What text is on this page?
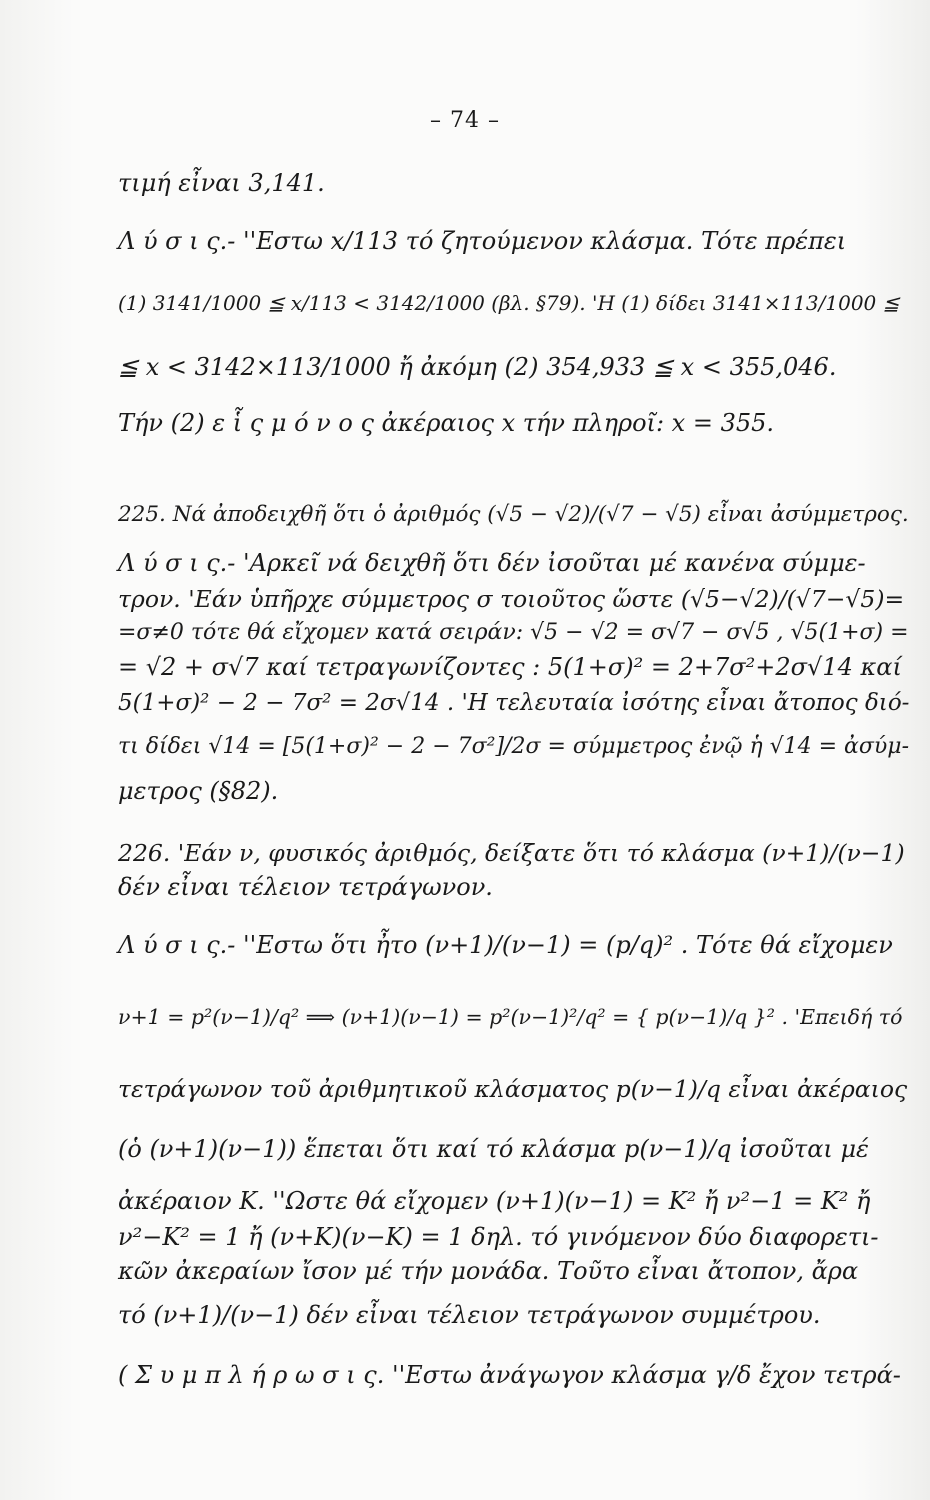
– 74 –
τιμή εἶναι 3,141.
Λ ύ σ ι ς.- ''Εστω x/113 τό ζητούμενον κλάσμα. Τότε πρέπει
(1) 3141/1000 ≦ x/113 < 3142/1000 (βλ. §79). 'Η (1) δίδει 3141×113/1000 ≦
≦ x < 3142×113/1000 ἤ ἀκόμη (2) 354,933 ≦ x < 355,046.
Τήν (2) ε ἷ ς μ ό ν ο ς ἀκέραιος x τήν πληροῖ: x = 355.
225. Νά ἀποδειχθῆ ὅτι ὁ ἀριθμός (√5 − √2)/(√7 − √5) εἶναι ἀσύμμετρος.
Λ ύ σ ι ς.- 'Αρκεῖ νά δειχθῆ ὅτι δέν ἰσοῦται μέ κανένα σύμμε-
τρον. 'Εάν ὑπῆρχε σύμμετρος σ τοιοῦτος ὥστε (√5−√2)/(√7−√5)=
=σ≠0 τότε θά εἴχομεν κατά σειράν: √5 − √2 = σ√7 − σ√5 , √5(1+σ) =
= √2 + σ√7 καί τετραγωνίζοντες : 5(1+σ)² = 2+7σ²+2σ√14 καί
5(1+σ)² − 2 − 7σ² = 2σ√14 . 'Η τελευταία ἰσότης εἶναι ἄτοπος διό-
τι δίδει √14 = [5(1+σ)² − 2 − 7σ²]/2σ = σύμμετρος ἐνῷ ἡ √14 = ἀσύμ-
μετρος (§82).
226. 'Εάν ν, φυσικός ἀριθμός, δείξατε ὅτι τό κλάσμα (ν+1)/(ν−1)
δέν εἶναι τέλειον τετράγωνον.
Λ ύ σ ι ς.- ''Εστω ὅτι ἦτο (ν+1)/(ν−1) = (p/q)² . Τότε θά εἴχομεν
ν+1 = p²(ν−1)/q² ⟹ (ν+1)(ν−1) = p²(ν−1)²/q² = { p(ν−1)/q }² . 'Επειδή τό
τετράγωνον τοῦ ἀριθμητικοῦ κλάσματος p(ν−1)/q εἶναι ἀκέραιος
(ὁ (ν+1)(ν−1)) ἕπεται ὅτι καί τό κλάσμα p(ν−1)/q ἰσοῦται μέ
ἀκέραιον Κ. ''Ωστε θά εἴχομεν (ν+1)(ν−1) = Κ² ἤ ν²−1 = Κ² ἤ
ν²−Κ² = 1 ἤ (ν+Κ)(ν−Κ) = 1 δηλ. τό γινόμενον δύο διαφορετι-
κῶν ἀκεραίων ἴσον μέ τήν μονάδα. Τοῦτο εἶναι ἄτοπον, ἄρα
τό (ν+1)/(ν−1) δέν εἶναι τέλειον τετράγωνον συμμέτρου.
( Σ υ μ π λ ή ρ ω σ ι ς. ''Εστω ἀνάγωγον κλάσμα γ/δ ἔχον τετρά-
